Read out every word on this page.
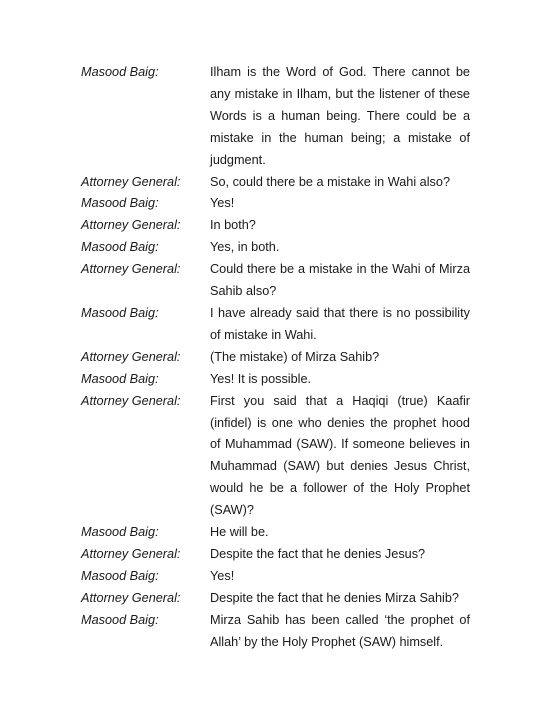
Masood Baig:	Ilham is the Word of God. There cannot be any mistake in Ilham, but the listener of these Words is a human being. There could be a mistake in the human being; a mistake of judgment.
Attorney General:	So, could there be a mistake in Wahi also?
Masood Baig:	Yes!
Attorney General:	In both?
Masood Baig:	Yes, in both.
Attorney General:	Could there be a mistake in the Wahi of Mirza Sahib also?
Masood Baig:	I have already said that there is no possibility of mistake in Wahi.
Attorney General:	(The mistake) of Mirza Sahib?
Masood Baig:	Yes! It is possible.
Attorney General:	First you said that a Haqiqi (true) Kaafir (infidel) is one who denies the prophet hood of Muhammad (SAW). If someone believes in Muhammad (SAW) but denies Jesus Christ, would he be a follower of the Holy Prophet (SAW)?
Masood Baig:	He will be.
Attorney General:	Despite the fact that he denies Jesus?
Masood Baig:	Yes!
Attorney General:	Despite the fact that he denies Mirza Sahib?
Masood Baig:	Mirza Sahib has been called ‘the prophet of Allah’ by the Holy Prophet (SAW) himself.
